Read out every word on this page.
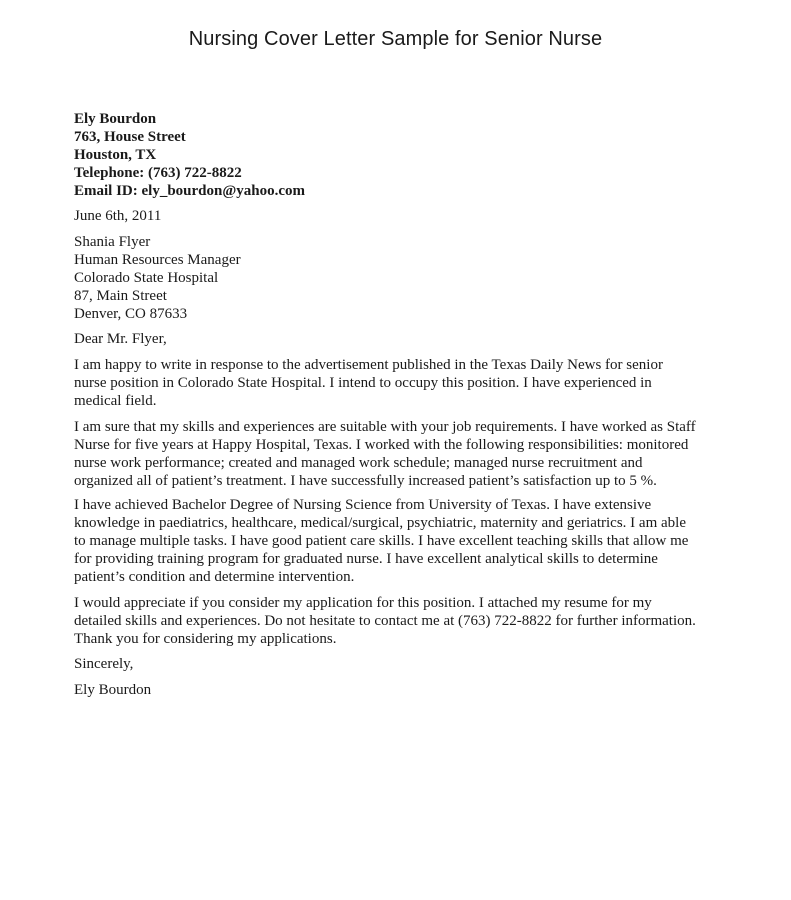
Nursing Cover Letter Sample for Senior Nurse
Ely Bourdon
763, House Street
Houston, TX
Telephone: (763) 722-8822
Email ID: ely_bourdon@yahoo.com
June 6th, 2011
Shania Flyer
Human Resources Manager
Colorado State Hospital
87, Main Street
Denver, CO 87633
Dear Mr. Flyer,
I am happy to write in response to the advertisement published in the Texas Daily News for senior
nurse position in Colorado State Hospital. I intend to occupy this position. I have experienced in
medical field.
I am sure that my skills and experiences are suitable with your job requirements. I have worked as Staff
Nurse for five years at Happy Hospital, Texas. I worked with the following responsibilities: monitored
nurse work performance; created and managed work schedule; managed nurse recruitment and
organized all of patient’s treatment. I have successfully increased patient’s satisfaction up to 5 %.
I have achieved Bachelor Degree of Nursing Science from University of Texas. I have extensive
knowledge in paediatrics, healthcare, medical/surgical, psychiatric, maternity and geriatrics. I am able
to manage multiple tasks. I have good patient care skills. I have excellent teaching skills that allow me
for providing training program for graduated nurse. I have excellent analytical skills to determine
patient’s condition and determine intervention.
I would appreciate if you consider my application for this position. I attached my resume for my
detailed skills and experiences. Do not hesitate to contact me at (763) 722-8822 for further information.
Thank you for considering my applications.
Sincerely,
Ely Bourdon
